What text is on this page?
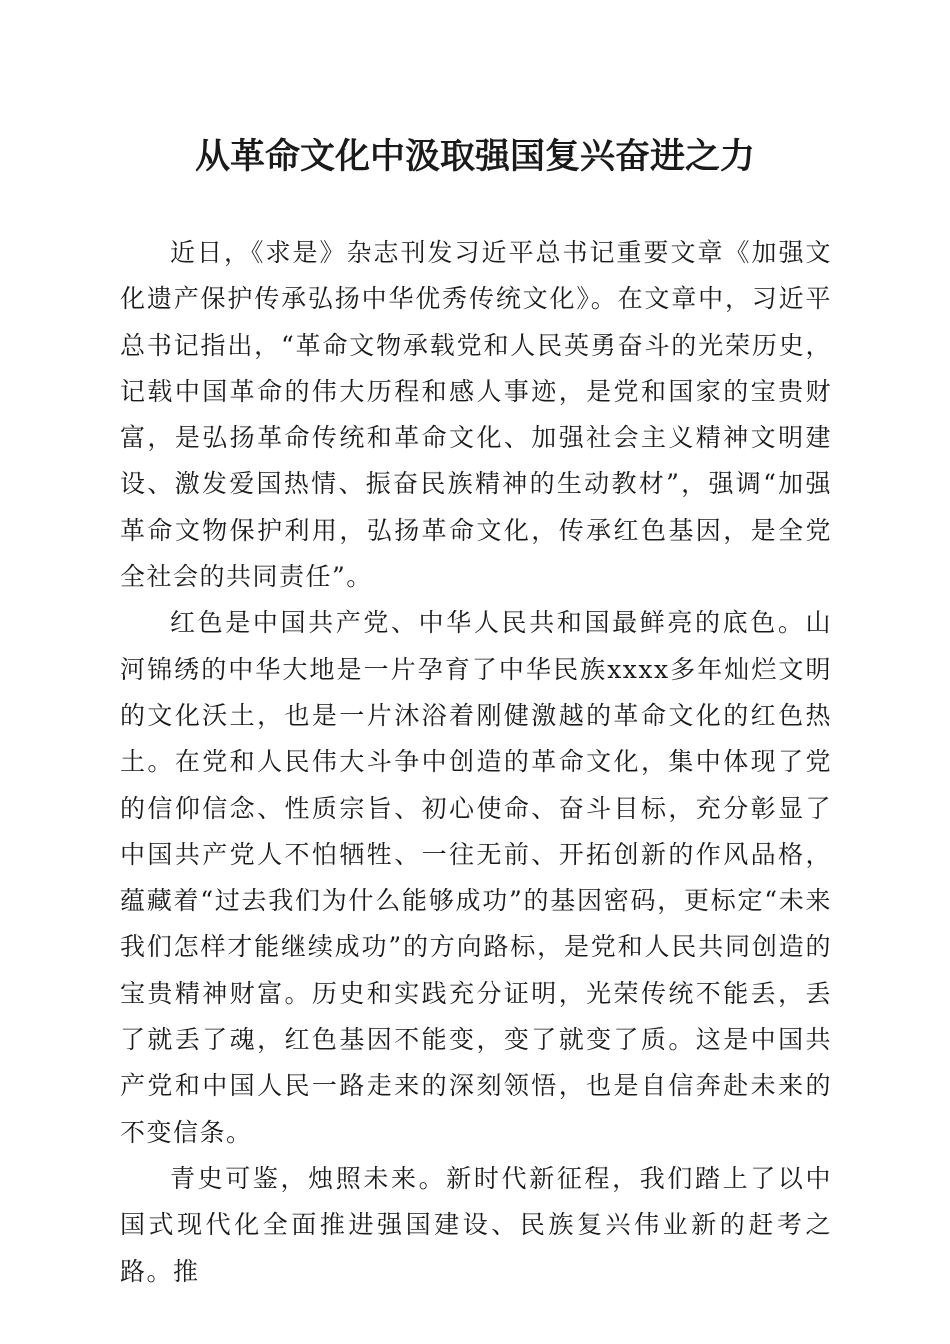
从革命文化中汲取强国复兴奋进之力

近日，《求是》杂志刊发习近平总书记重要文章《加强文化遗产保护传承弘扬中华优秀传统文化》。在文章中，习近平总书记指出，“革命文物承载党和人民英勇奋斗的光荣历史，记载中国革命的伟大历程和感人事迹，是党和国家的宝贵财富，是弘扬革命传统和革命文化、加强社会主义精神文明建设、激发爱国热情、振奋民族精神的生动教材”，强调“加强革命文物保护利用，弘扬革命文化，传承红色基因，是全党全社会的共同责任”。

红色是中国共产党、中华人民共和国最鲜亮的底色。山河锦绣的中华大地是一片孕育了中华民族xxxx多年灿烂文明的文化沃土，也是一片沐浴着刚健激越的革命文化的红色热土。在党和人民伟大斗争中创造的革命文化，集中体现了党的信仰信念、性质宗旨、初心使命、奋斗目标，充分彰显了中国共产党人不怕牺牲、一往无前、开拓创新的作风品格，蕴藏着“过去我们为什么能够成功”的基因密码，更标定“未来我们怎样才能继续成功”的方向路标，是党和人民共同创造的宝贵精神财富。历史和实践充分证明，光荣传统不能丢，丢了就丢了魂，红色基因不能变，变了就变了质。这是中国共产党和中国人民一路走来的深刻领悟，也是自信奔赴未来的不变信条。

青史可鉴，烛照未来。新时代新征程，我们踏上了以中国式现代化全面推进强国建设、民族复兴伟业新的赶考之路。推
